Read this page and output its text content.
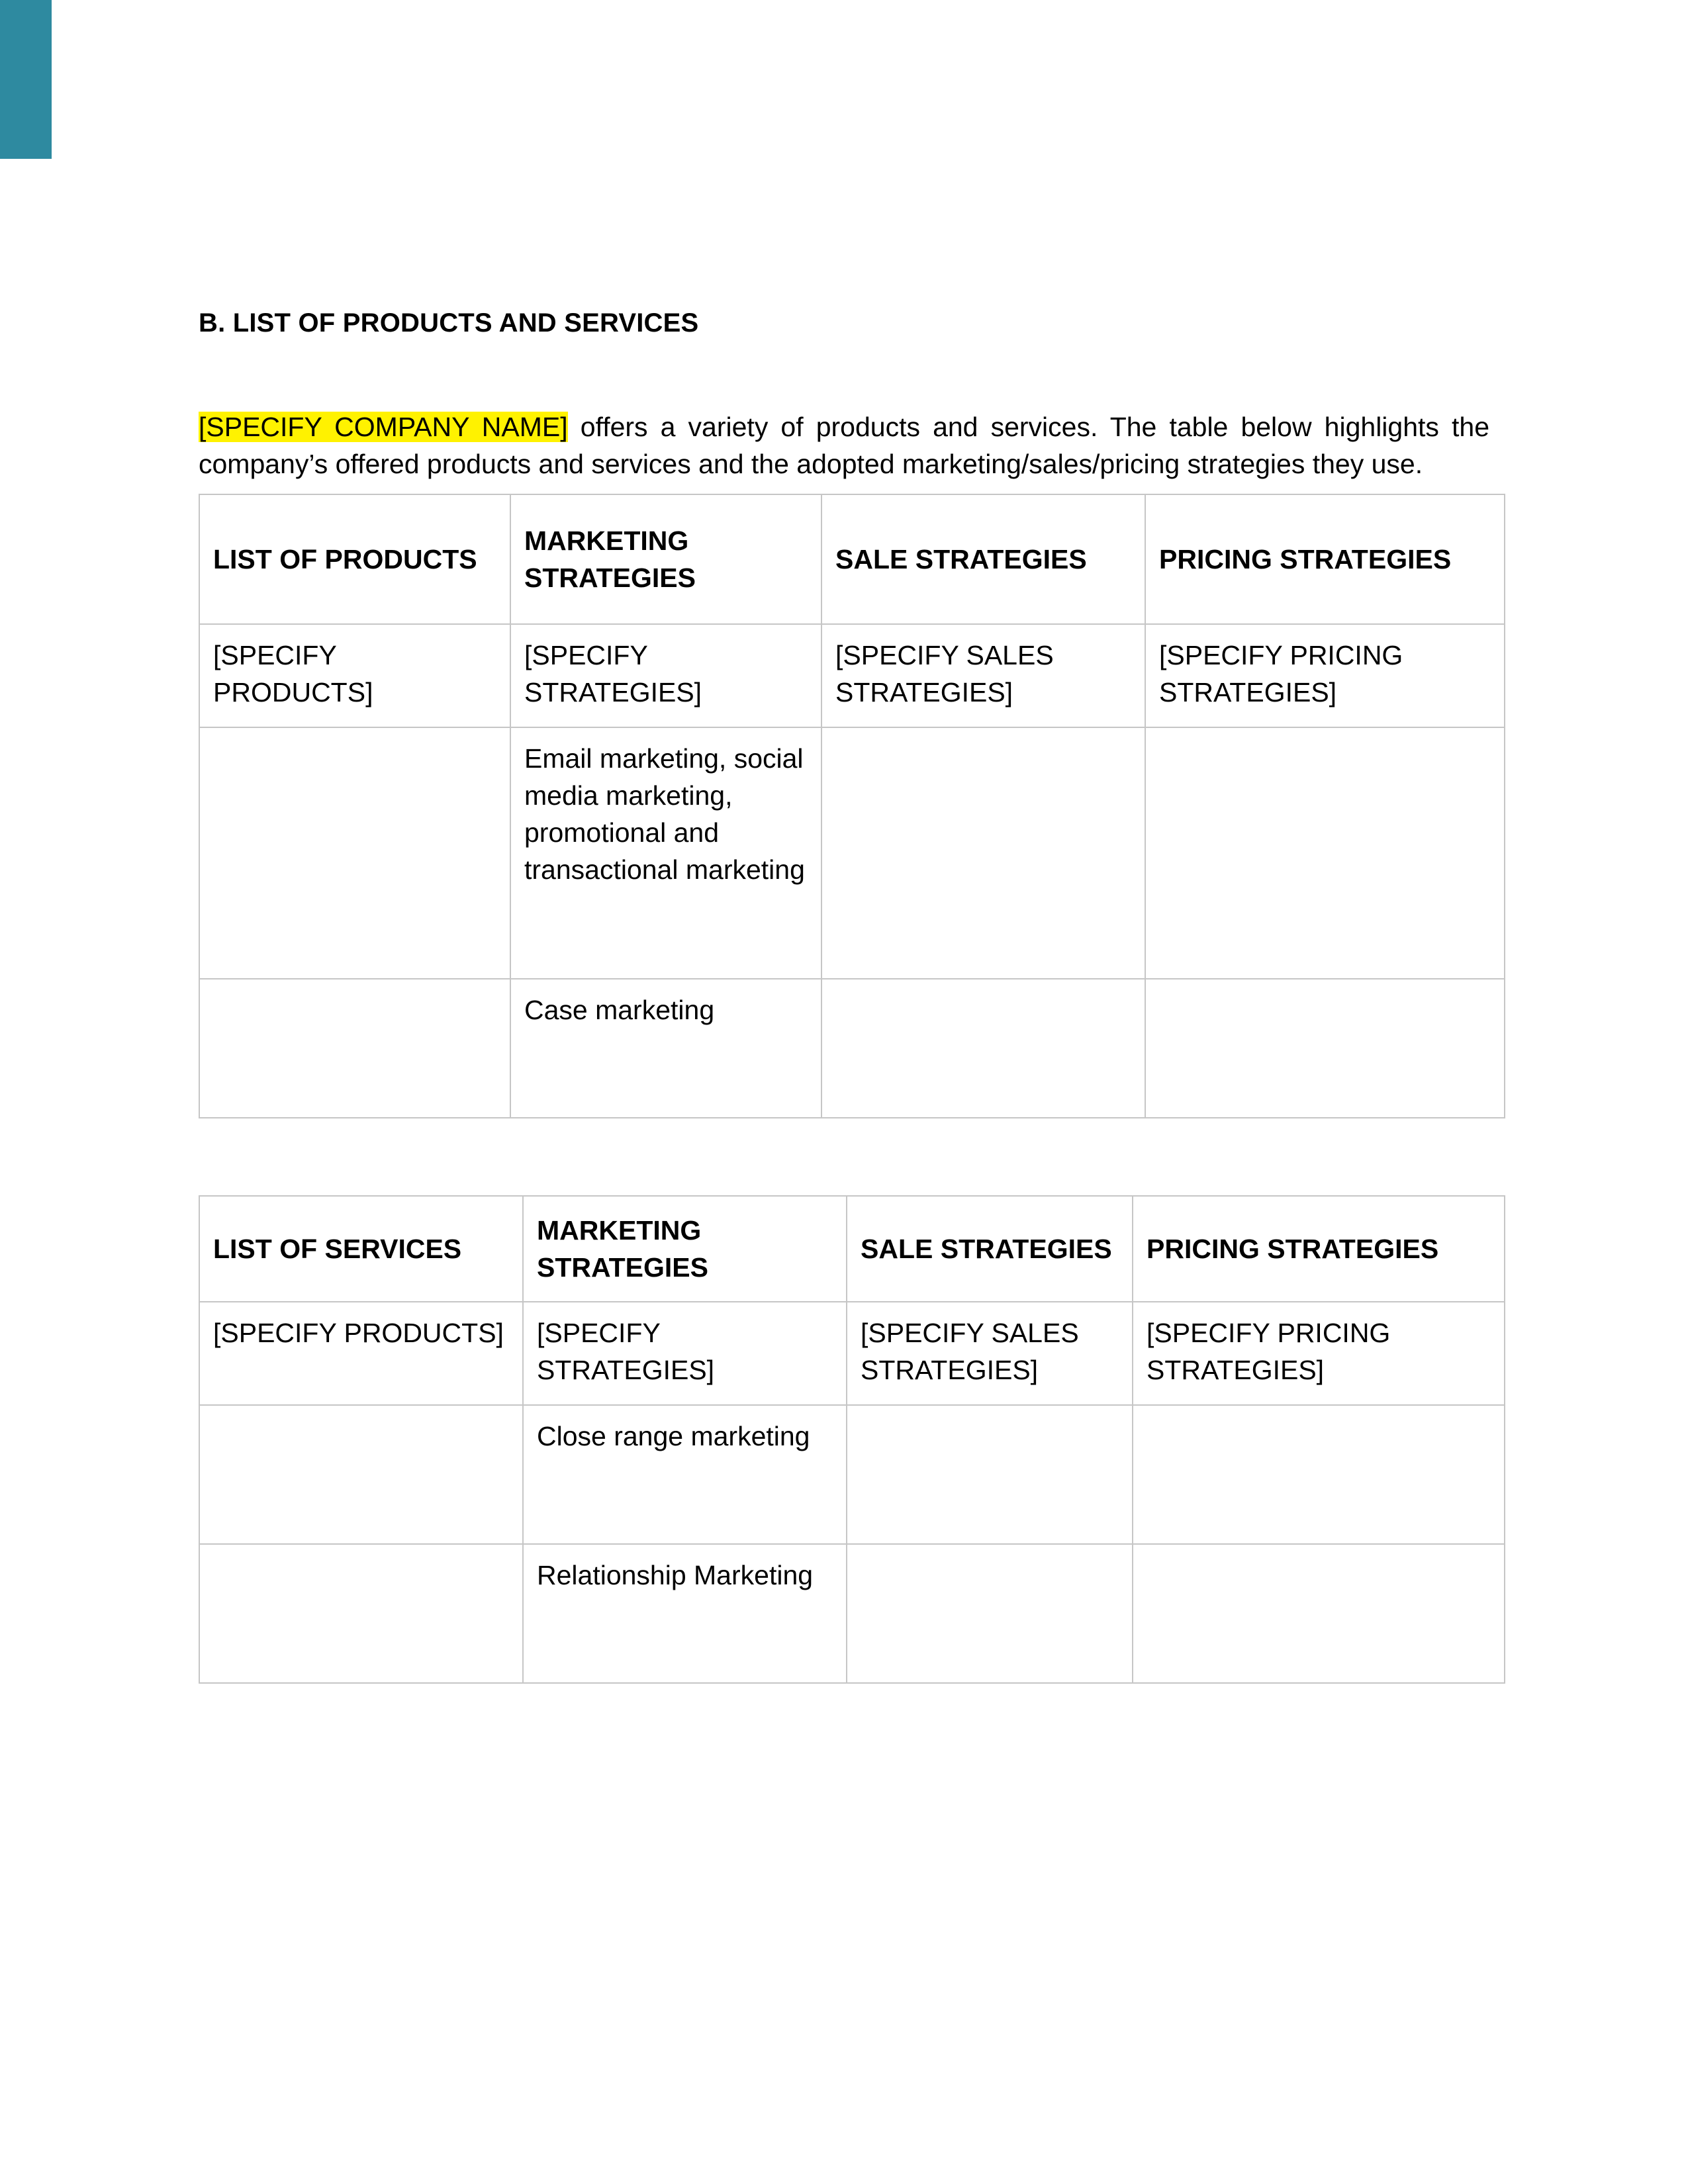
B. LIST OF PRODUCTS AND SERVICES

[SPECIFY COMPANY NAME] offers a variety of products and services. The table below highlights the company’s offered products and services and the adopted marketing/sales/pricing strategies they use.

LIST OF PRODUCTS	MARKETING STRATEGIES	SALE STRATEGIES	PRICING STRATEGIES
[SPECIFY PRODUCTS]	[SPECIFY STRATEGIES]	[SPECIFY SALES STRATEGIES]	[SPECIFY PRICING STRATEGIES]
	Email marketing, social media marketing, promotional and transactional marketing		
	Case marketing		
LIST OF SERVICES	MARKETING STRATEGIES	SALE STRATEGIES	PRICING STRATEGIES
[SPECIFY PRODUCTS]	[SPECIFY STRATEGIES]	[SPECIFY SALES STRATEGIES]	[SPECIFY PRICING STRATEGIES]
	Close range marketing		
	Relationship Marketing		
